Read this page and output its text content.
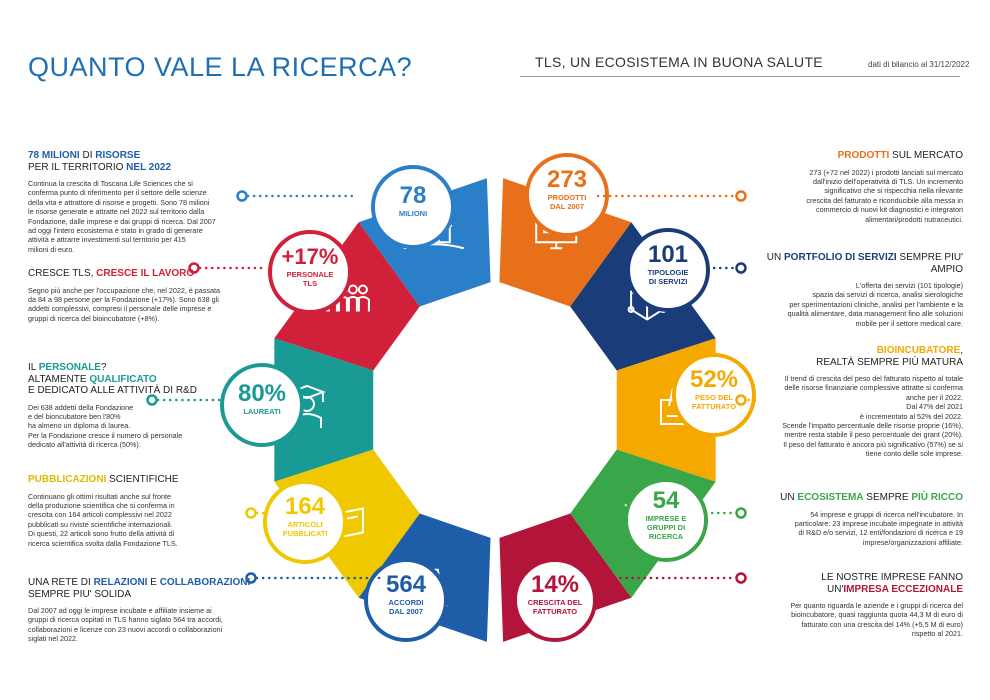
QUANTO VALE LA RICERCA?	TLS, UN ECOSISTEMA IN BUONA SALUTE	dati di bilancio al 31/12/2022
78
MILIONI
+17%
PERSONALE
TLS
80%
LAUREATI
164
ARTICOLI
PUBBLICATI
564
ACCORDI
DAL 2007
273
PRODOTTI
DAL 2007
101
TIPOLOGIE
DI SERVIZI
52%
PESO DEL
FATTURATO
54
IMPRESE E
GRUPPI DI
RICERCA
14%
CRESCITA DEL
FATTURATO
78 MILIONI DI RISORSE
PER IL TERRITORIO NEL 2022
Continua la crescita di Toscana Life Sciences che si
conferma punto di riferimento per il settore delle scienze
della vita e attrattore di risorse e progetti. Sono 78 milioni
le risorse generate e attratte nel 2022 sul territorio dalla
Fondazione, dalle imprese e dai gruppi di ricerca. Dal 2007
ad oggi l'intero ecosistema è stato in grado di generare
attività e attrarre investimenti sul territorio per 415
milioni di euro.
CRESCE TLS, CRESCE IL LAVORO
Segno più anche per l'occupazione che, nel 2022, è passata
da 84 a 98 persone per la Fondazione (+17%). Sono 638 gli
addetti complessivi, compresi il personale delle imprese e
gruppi di ricerca del bioincubatore (+8%).
IL PERSONALE?
ALTAMENTE QUALIFICATO
E DEDICATO ALLE ATTIVITÀ DI R&D
Dei 638 addetti della Fondazione
e del bioncubatore ben l'80%
ha almeno un diploma di laurea.
Per la Fondazione cresce il numero di personale
dedicato all'attività di ricerca (50%).
PUBBLICAZIONI SCIENTIFICHE
Continuano gli ottimi risultati anche sul fronte
della produzione scientifica che si conferma in
crescita con 164 articoli complessivi nel 2022
pubblicati su riviste scientifiche internazionali.
Di questi, 22 articoli sono frutto della attività di
ricerca scientifica svolta dalla Fondazione TLS.
UNA RETE DI RELAZIONI E COLLABORAZIONI
SEMPRE PIU' SOLIDA
Dal 2007 ad oggi le imprese incubate e affiliate insieme ai
gruppi di ricerca ospitati in TLS hanno siglato 564 tra accordi,
collaborazioni e licenze con 23 nuovi accordi o collaborazioni
siglati nel 2022.
PRODOTTI SUL MERCATO
273 (+72 nel 2022) i prodotti lanciati sul mercato
dall'inizio dell'operatività di TLS. Un incremento
significativo che si rispecchia nella rilevante
crescita del fatturato e riconducibile alla messa in
commercio di nuovi kit diagnostici e integratori
alimentari/prodotti nutraceutici.
UN PORTFOLIO DI SERVIZI SEMPRE PIU' AMPIO
L'offerta dei servizi (101 tipologie)
spazia dai servizi di ricerca, analisi sierologiche
per sperimentazioni cliniche, analisi per l'ambiente e la
qualità alimentare, data management fino alle soluzioni
mobile per il settore medical care.
BIOINCUBATORE,
REALTÀ SEMPRE PIÙ MATURA
Il trend di crescita del peso del fatturato rispetto al totale
delle risorse finanziarie complessive attratte si conferma
anche per il 2022.
Dal 47% del 2021
è incrementato al 52% del 2022.
Scende l'impatto percentuale delle risorse proprie (16%),
mentre resta stabile il peso percentuale dei grant (20%).
Il peso del fatturato è ancora più significativo (57%) se si
tiene conto delle sole imprese.
UN ECOSISTEMA SEMPRE PIÙ RICCO
54 imprese e gruppi di ricerca nell'incubatore. In
particolare: 23 imprese incubate impegnate in attività
di R&D e/o servizi, 12 enti/fondazioni di ricerca e 19
imprese/organizzazioni affiliate.
LE NOSTRE IMPRESE FANNO
UN'IMPRESA ECCEZIONALE
Per quanto riguarda le aziende e i gruppi di ricerca del
bioincubatore, quasi raggiunta quota 44,3 M di euro di
fatturato con una crescita del 14% (+5,5 M di euro)
rispetto al 2021.
